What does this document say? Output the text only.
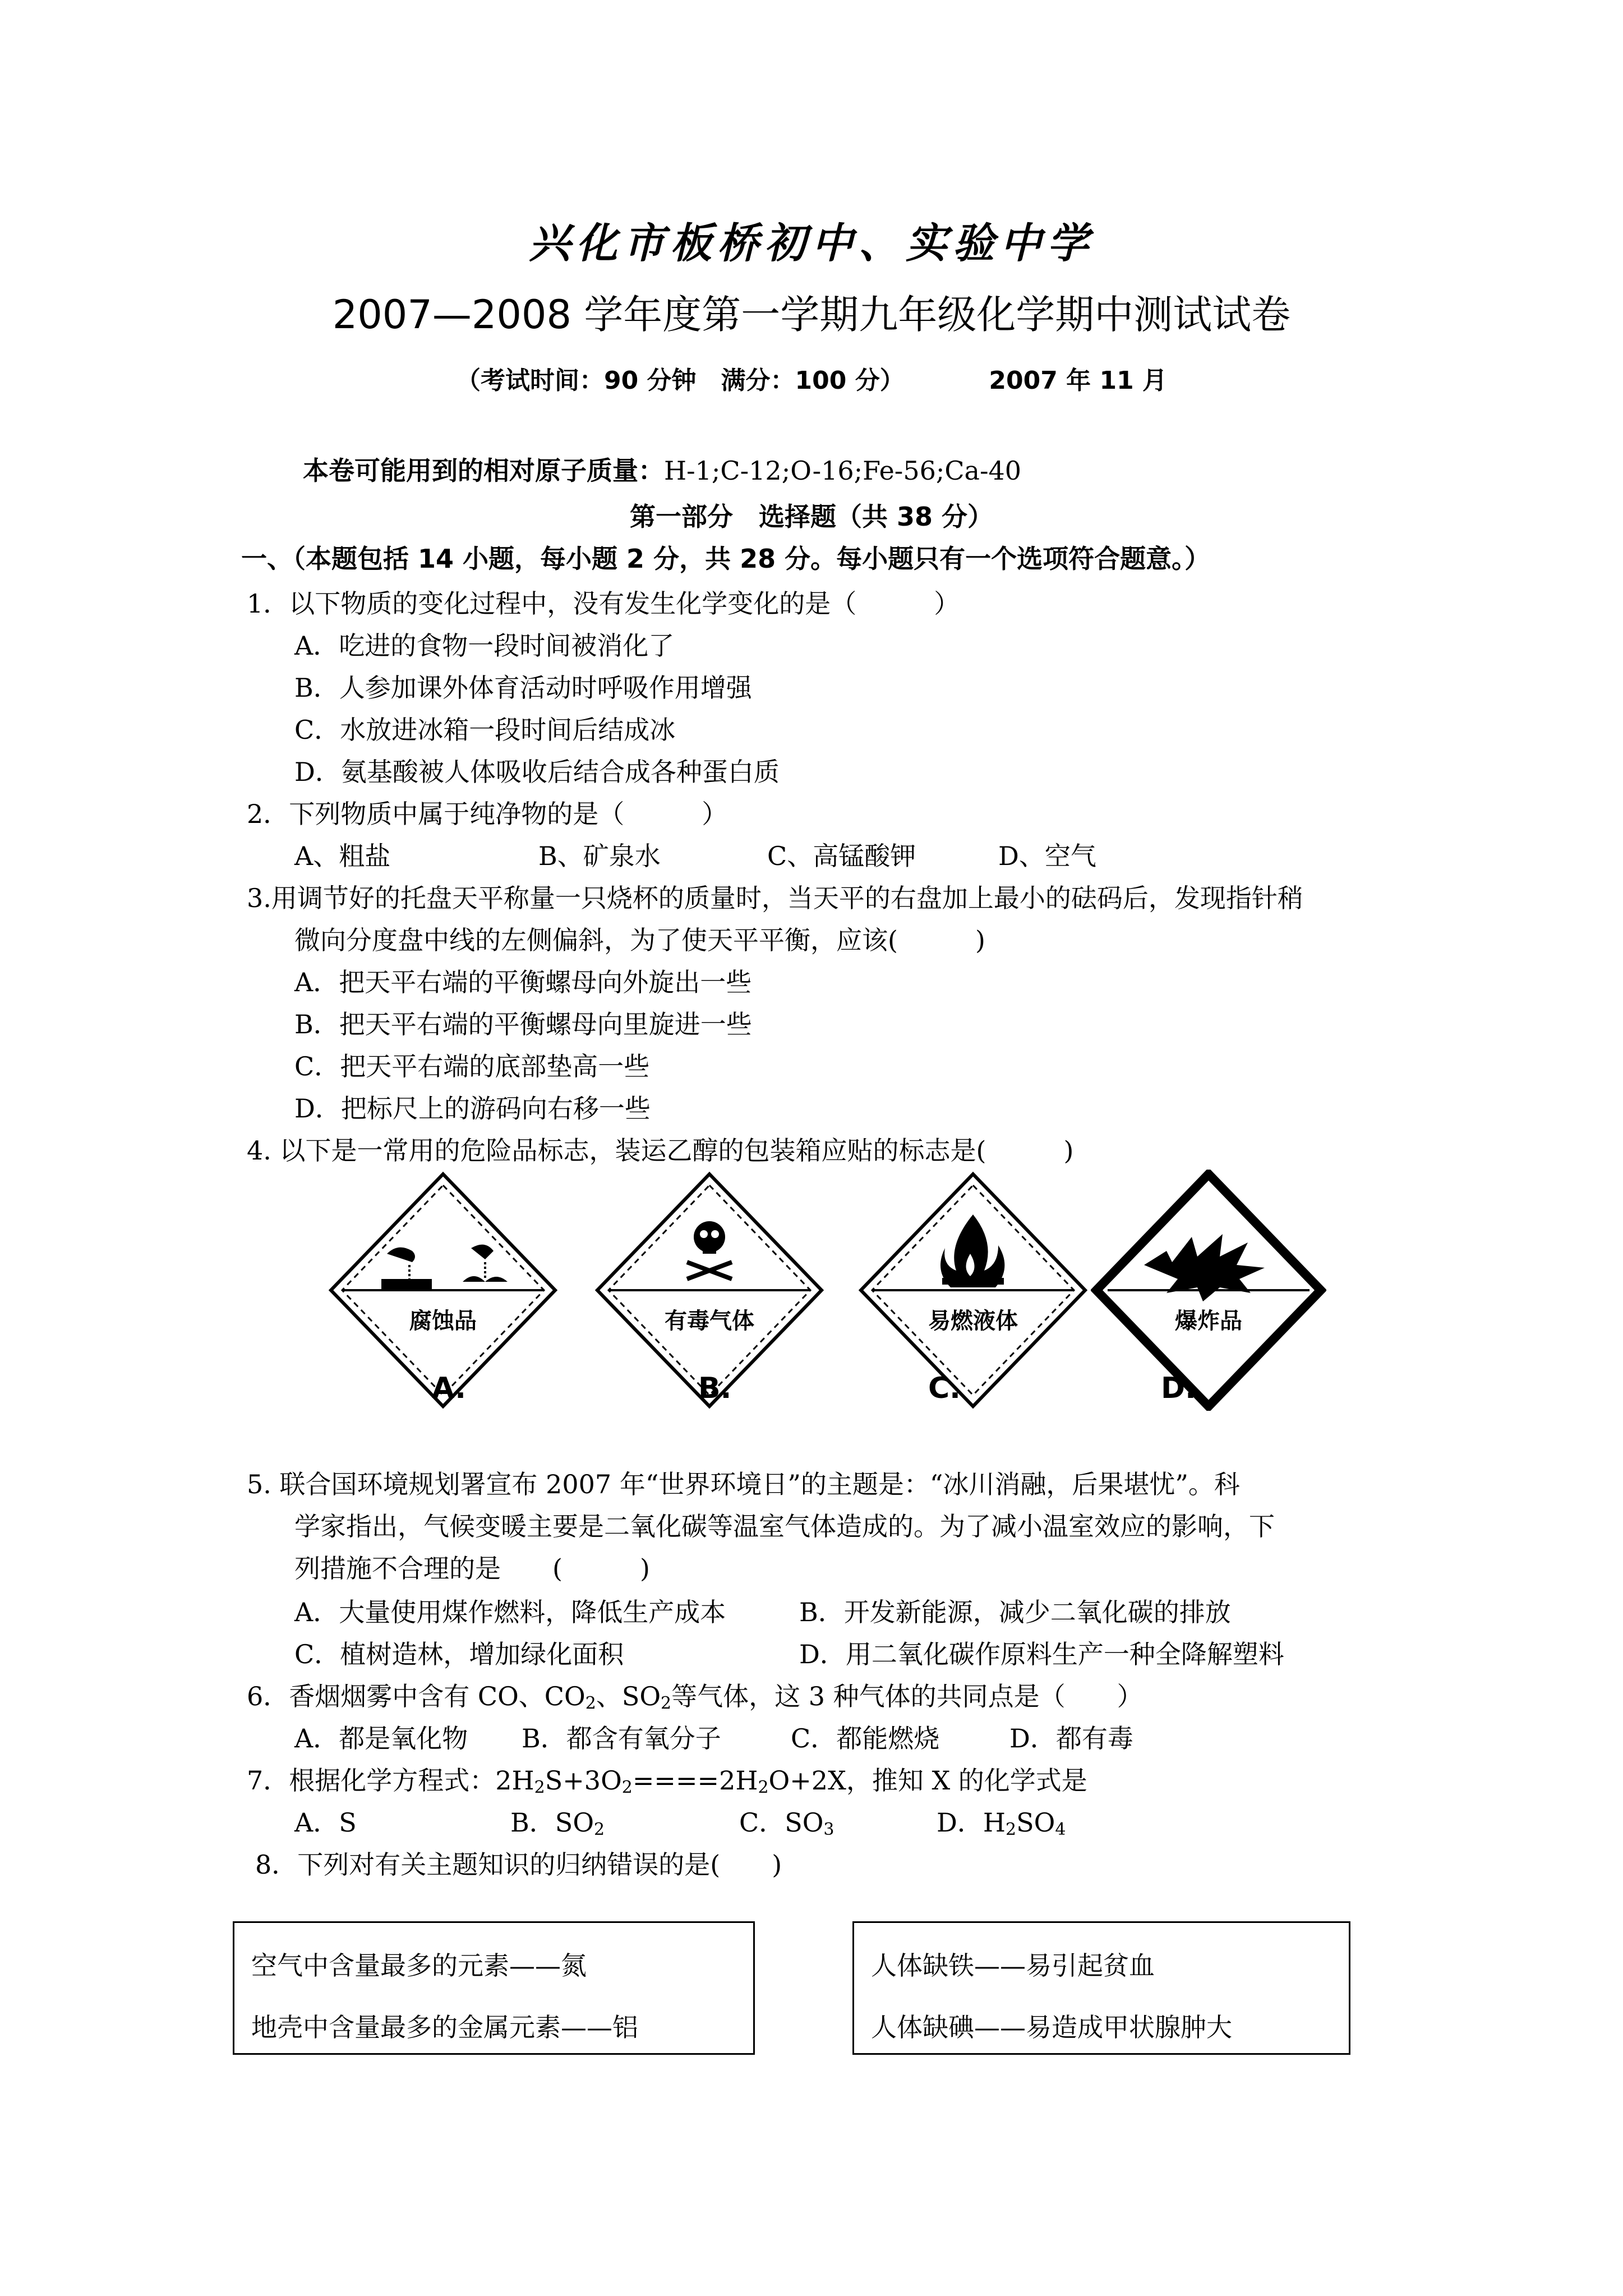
兴化市板桥初中、实验中学
2007—2008 学年度第一学期九年级化学期中测试试卷
（考试时间：90 分钟　满分：100 分）	2007 年 11 月
本卷可能用到的相对原子质量：H-1;C-12;O-16;Fe-56;Ca-40
第一部分　选择题（共 38 分）
一、（本题包括 14 小题，每小题 2 分，共 28 分。每小题只有一个选项符合题意。）
1．以下物质的变化过程中，没有发生化学变化的是（　　　）
A．吃进的食物一段时间被消化了
B．人参加课外体育活动时呼吸作用增强
C．水放进冰箱一段时间后结成冰
D．氨基酸被人体吸收后结合成各种蛋白质
2．下列物质中属于纯净物的是（　　　）
A、粗盐	B、矿泉水	C、高锰酸钾	D、空气
3.用调节好的托盘天平称量一只烧杯的质量时，当天平的右盘加上最小的砝码后，发现指针稍
微向分度盘中线的左侧偏斜，为了使天平平衡，应该(　　　)
A．把天平右端的平衡螺母向外旋出一些
B．把天平右端的平衡螺母向里旋进一些
C．把天平右端的底部垫高一些
D．把标尺上的游码向右移一些
4. 以下是一常用的危险品标志，装运乙醇的包装箱应贴的标志是(　　　)
腐蚀品	有毒气体	易燃液体	爆炸品
A.	B.	C.	D.
5. 联合国环境规划署宣布 2007 年“世界环境日”的主题是：“冰川消融，后果堪忧”。科
学家指出，气候变暖主要是二氧化碳等温室气体造成的。为了减小温室效应的影响，下
列措施不合理的是　　(　　　)
A．大量使用煤作燃料，降低生产成本	B．开发新能源，减少二氧化碳的排放
C．植树造林，增加绿化面积	D．用二氧化碳作原料生产一种全降解塑料
6．香烟烟雾中含有 CO、$CO_2$、$SO_2$等气体，这 3 种气体的共同点是（　　）
A．都是氧化物 B．都含有氧分子	C．都能燃烧	D．都有毒
7．根据化学方程式：$2H_2S+3O_2====2H_2O+2X$，推知 X 的化学式是
A．S	B．$SO_2$	C．$SO_3$	D．$H_2SO_4$
8．下列对有关主题知识的归纳错误的是(　　)
空气中含量最多的元素——氮
地壳中含量最多的金属元素——铝
人体缺铁——易引起贫血
人体缺碘——易造成甲状腺肿大
